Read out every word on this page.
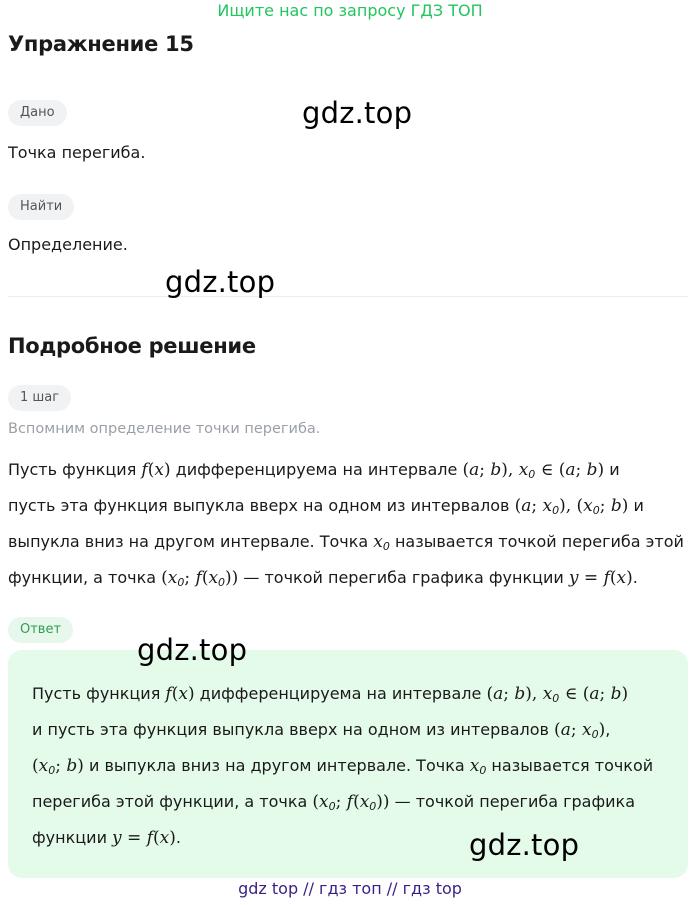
Ищите нас по запросу ГДЗ ТОП
Упражнение 15
Дано
Точка перегиба.
Найти
Определение.
Подробное решение
1 шаг
Вспомним определение точки перегиба.
Пусть функция f(x) дифференцируема на интервале (a; b), $x_0$ ∈ (a; b) и
пусть эта функция выпукла вверх на одном из интервалов (a; $x_0$), ($x_0$; b) и
выпукла вниз на другом интервале. Точка $x_0$ называется точкой перегиба этой
функции, а точка ($x_0$; $f(x_0)$) — точкой перегиба графика функции y = f(x).
Ответ
Пусть функция f(x) дифференцируема на интервале (a; b), $x_0$ ∈ (a; b)
и пусть эта функция выпукла вверх на одном из интервалов (a; $x_0$),
($x_0$; b) и выпукла вниз на другом интервале. Точка $x_0$ называется точкой
перегиба этой функции, а точка ($x_0$; $f(x_0)$) — точкой перегиба графика
функции y = f(x).
gdz.top
gdz.top
gdz.top
gdz.top
gdz top // гдз топ // гдз top
